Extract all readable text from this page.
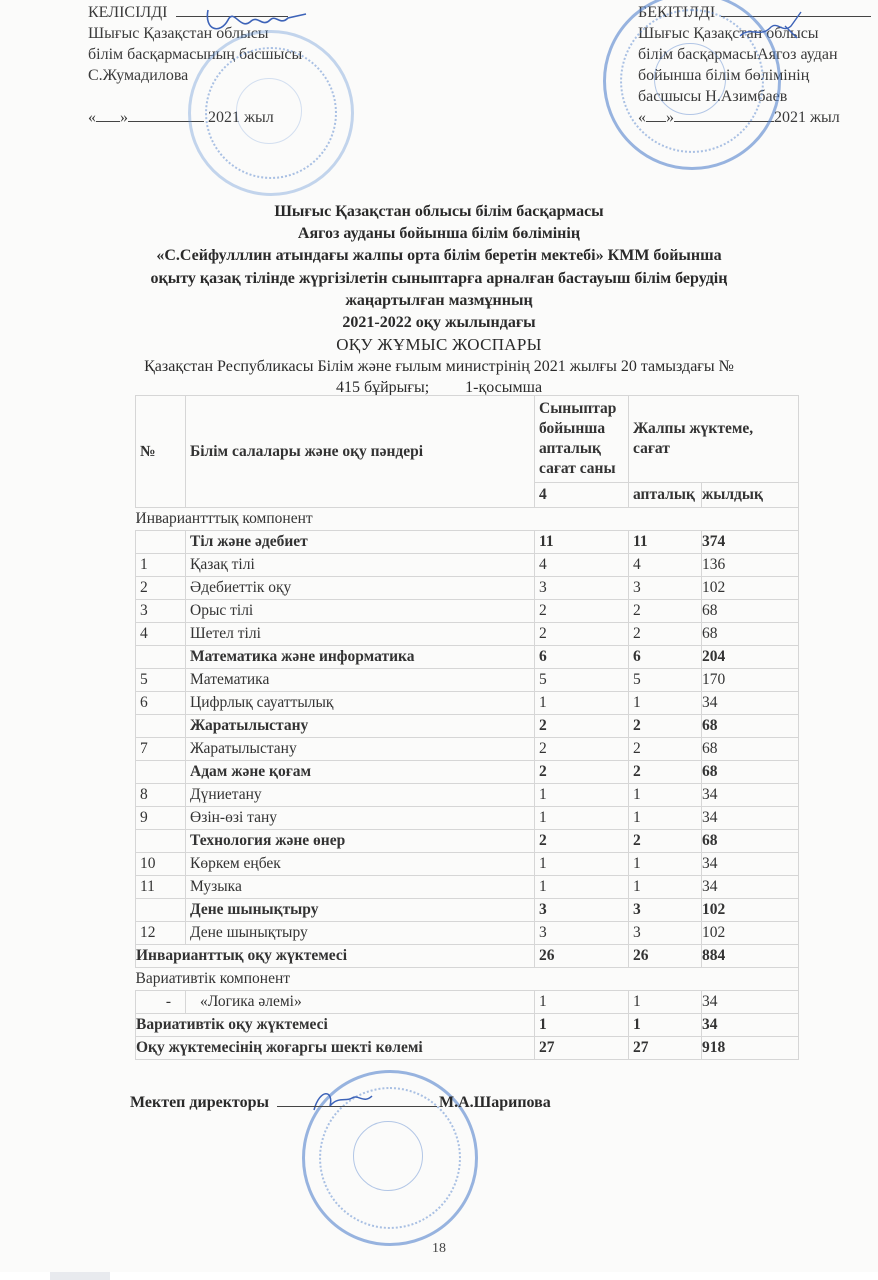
КЕЛІСІЛДІ
Шығыс Қазақстан облысы
білім басқармасының басшысы
С.Жумадилова
« »	2021 жыл
БЕКІТІЛДІ
Шығыс Қазақстан облысы
білім басқармасыАягоз аудан
бойынша білім бөлімінің
басшысы Н.Азимбаев
« »	2021 жыл
Шығыс Қазақстан облысы білім басқармасы
Аягоз ауданы бойынша білім бөлімінің
«С.Сейфулллин атындағы жалпы орта білім беретін мектебі» КММ бойынша
оқыту қазақ тілінде жүргізілетін сыныптарға арналған бастауыш білім берудің
жаңартылған мазмұнның
2021-2022 оқу жылындағы
ОҚУ ЖҰМЫС ЖОСПАРЫ
Қазақстан Республикасы Білім және ғылым министрінің 2021 жылғы 20 тамыздағы №
415 бұйрығы; 1-қосымша
№	Білім салалары және оқу пәндері	Сыныптар бойынша апталық сағат саны	Жалпы жүктеме, сағат	
		4	апталық	жылдық
Инвариантттық компонент				
	Тіл және әдебиет	11	11	374
1	Қазақ тілі	4	4	136
2	Әдебиеттік оқу	3	3	102
3	Орыс тілі	2	2	68
4	Шетел тілі	2	2	68
	Математика және информатика	6	6	204
5	Математика	5	5	170
6	Цифрлық сауаттылық	1	1	34
	Жаратылыстану	2	2	68
7	Жаратылыстану	2	2	68
	Адам және қоғам	2	2	68
8	Дүниетану	1	1	34
9	Өзін-өзі тану	1	1	34
	Технология және өнер	2	2	68
10	Көркем еңбек	1	1	34
11	Музыка	1	1	34
	Дене шынықтыру	3	3	102
12	Дене шынықтыру	3	3	102
Инварианттық оқу жүктемесі		26	26	884
Вариативтік компонент				
-	«Логика әлемі»	1	1	34
Вариативтік оқу жүктемесі		1	1	34
Оқу жүктемесінің жоғаргы шекті көлемі		27	27	918
Мектеп директоры	М.А.Шарипова
18
